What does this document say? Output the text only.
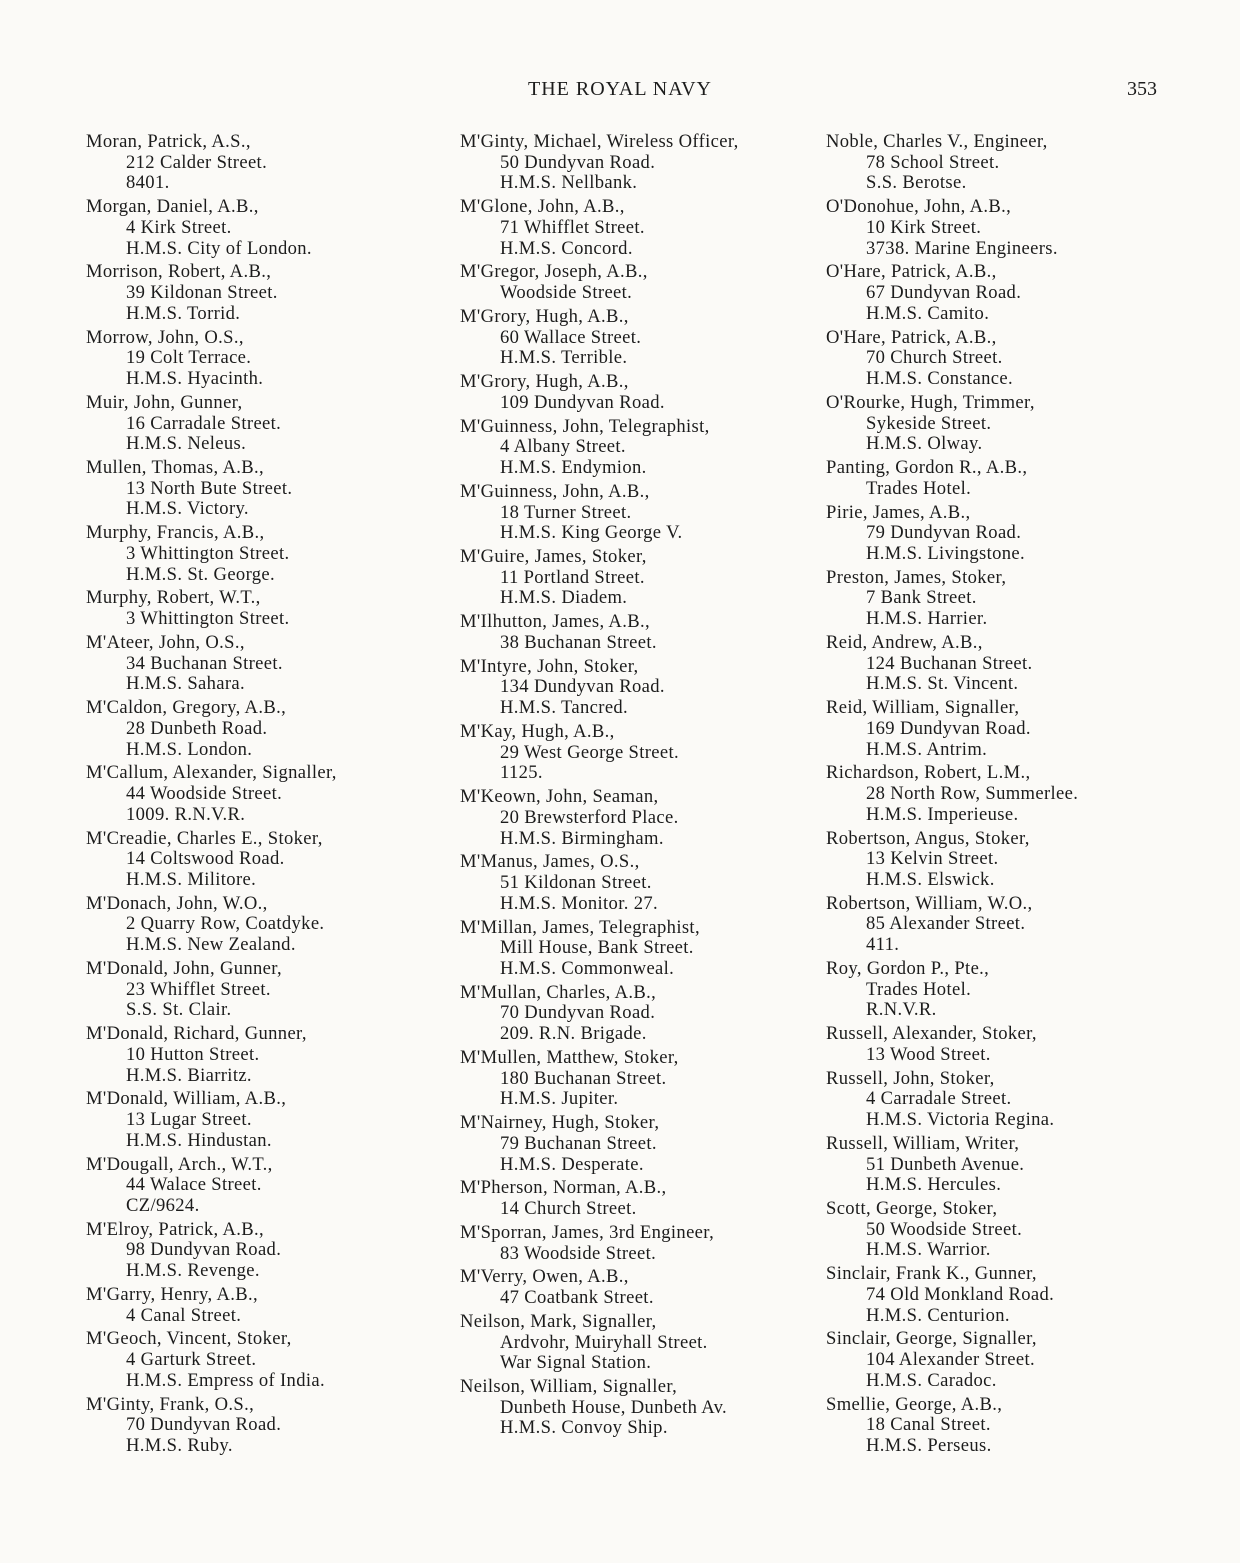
THE ROYAL NAVY	353
Moran, Patrick, A.S.,
212 Calder Street.
8401.
Morgan, Daniel, A.B.,
4 Kirk Street.
H.M.S. City of London.
Morrison, Robert, A.B.,
39 Kildonan Street.
H.M.S. Torrid.
Morrow, John, O.S.,
19 Colt Terrace.
H.M.S. Hyacinth.
Muir, John, Gunner,
16 Carradale Street.
H.M.S. Neleus.
Mullen, Thomas, A.B.,
13 North Bute Street.
H.M.S. Victory.
Murphy, Francis, A.B.,
3 Whittington Street.
H.M.S. St. George.
Murphy, Robert, W.T.,
3 Whittington Street.
M'Ateer, John, O.S.,
34 Buchanan Street.
H.M.S. Sahara.
M'Caldon, Gregory, A.B.,
28 Dunbeth Road.
H.M.S. London.
M'Callum, Alexander, Signaller,
44 Woodside Street.
1009. R.N.V.R.
M'Creadie, Charles E., Stoker,
14 Coltswood Road.
H.M.S. Militore.
M'Donach, John, W.O.,
2 Quarry Row, Coatdyke.
H.M.S. New Zealand.
M'Donald, John, Gunner,
23 Whifflet Street.
S.S. St. Clair.
M'Donald, Richard, Gunner,
10 Hutton Street.
H.M.S. Biarritz.
M'Donald, William, A.B.,
13 Lugar Street.
H.M.S. Hindustan.
M'Dougall, Arch., W.T.,
44 Walace Street.
CZ/9624.
M'Elroy, Patrick, A.B.,
98 Dundyvan Road.
H.M.S. Revenge.
M'Garry, Henry, A.B.,
4 Canal Street.
M'Geoch, Vincent, Stoker,
4 Garturk Street.
H.M.S. Empress of India.
M'Ginty, Frank, O.S.,
70 Dundyvan Road.
H.M.S. Ruby.
M'Ginty, Michael, Wireless Officer,
50 Dundyvan Road.
H.M.S. Nellbank.
M'Glone, John, A.B.,
71 Whifflet Street.
H.M.S. Concord.
M'Gregor, Joseph, A.B.,
Woodside Street.
M'Grory, Hugh, A.B.,
60 Wallace Street.
H.M.S. Terrible.
M'Grory, Hugh, A.B.,
109 Dundyvan Road.
M'Guinness, John, Telegraphist,
4 Albany Street.
H.M.S. Endymion.
M'Guinness, John, A.B.,
18 Turner Street.
H.M.S. King George V.
M'Guire, James, Stoker,
11 Portland Street.
H.M.S. Diadem.
M'Ilhutton, James, A.B.,
38 Buchanan Street.
M'Intyre, John, Stoker,
134 Dundyvan Road.
H.M.S. Tancred.
M'Kay, Hugh, A.B.,
29 West George Street.
1125.
M'Keown, John, Seaman,
20 Brewsterford Place.
H.M.S. Birmingham.
M'Manus, James, O.S.,
51 Kildonan Street.
H.M.S. Monitor. 27.
M'Millan, James, Telegraphist,
Mill House, Bank Street.
H.M.S. Commonweal.
M'Mullan, Charles, A.B.,
70 Dundyvan Road.
209. R.N. Brigade.
M'Mullen, Matthew, Stoker,
180 Buchanan Street.
H.M.S. Jupiter.
M'Nairney, Hugh, Stoker,
79 Buchanan Street.
H.M.S. Desperate.
M'Pherson, Norman, A.B.,
14 Church Street.
M'Sporran, James, 3rd Engineer,
83 Woodside Street.
M'Verry, Owen, A.B.,
47 Coatbank Street.
Neilson, Mark, Signaller,
Ardvohr, Muiryhall Street.
War Signal Station.
Neilson, William, Signaller,
Dunbeth House, Dunbeth Av.
H.M.S. Convoy Ship.
Noble, Charles V., Engineer,
78 School Street.
S.S. Berotse.
O'Donohue, John, A.B.,
10 Kirk Street.
3738. Marine Engineers.
O'Hare, Patrick, A.B.,
67 Dundyvan Road.
H.M.S. Camito.
O'Hare, Patrick, A.B.,
70 Church Street.
H.M.S. Constance.
O'Rourke, Hugh, Trimmer,
Sykeside Street.
H.M.S. Olway.
Panting, Gordon R., A.B.,
Trades Hotel.
Pirie, James, A.B.,
79 Dundyvan Road.
H.M.S. Livingstone.
Preston, James, Stoker,
7 Bank Street.
H.M.S. Harrier.
Reid, Andrew, A.B.,
124 Buchanan Street.
H.M.S. St. Vincent.
Reid, William, Signaller,
169 Dundyvan Road.
H.M.S. Antrim.
Richardson, Robert, L.M.,
28 North Row, Summerlee.
H.M.S. Imperieuse.
Robertson, Angus, Stoker,
13 Kelvin Street.
H.M.S. Elswick.
Robertson, William, W.O.,
85 Alexander Street.
411.
Roy, Gordon P., Pte.,
Trades Hotel.
R.N.V.R.
Russell, Alexander, Stoker,
13 Wood Street.
Russell, John, Stoker,
4 Carradale Street.
H.M.S. Victoria Regina.
Russell, William, Writer,
51 Dunbeth Avenue.
H.M.S. Hercules.
Scott, George, Stoker,
50 Woodside Street.
H.M.S. Warrior.
Sinclair, Frank K., Gunner,
74 Old Monkland Road.
H.M.S. Centurion.
Sinclair, George, Signaller,
104 Alexander Street.
H.M.S. Caradoc.
Smellie, George, A.B.,
18 Canal Street.
H.M.S. Perseus.
